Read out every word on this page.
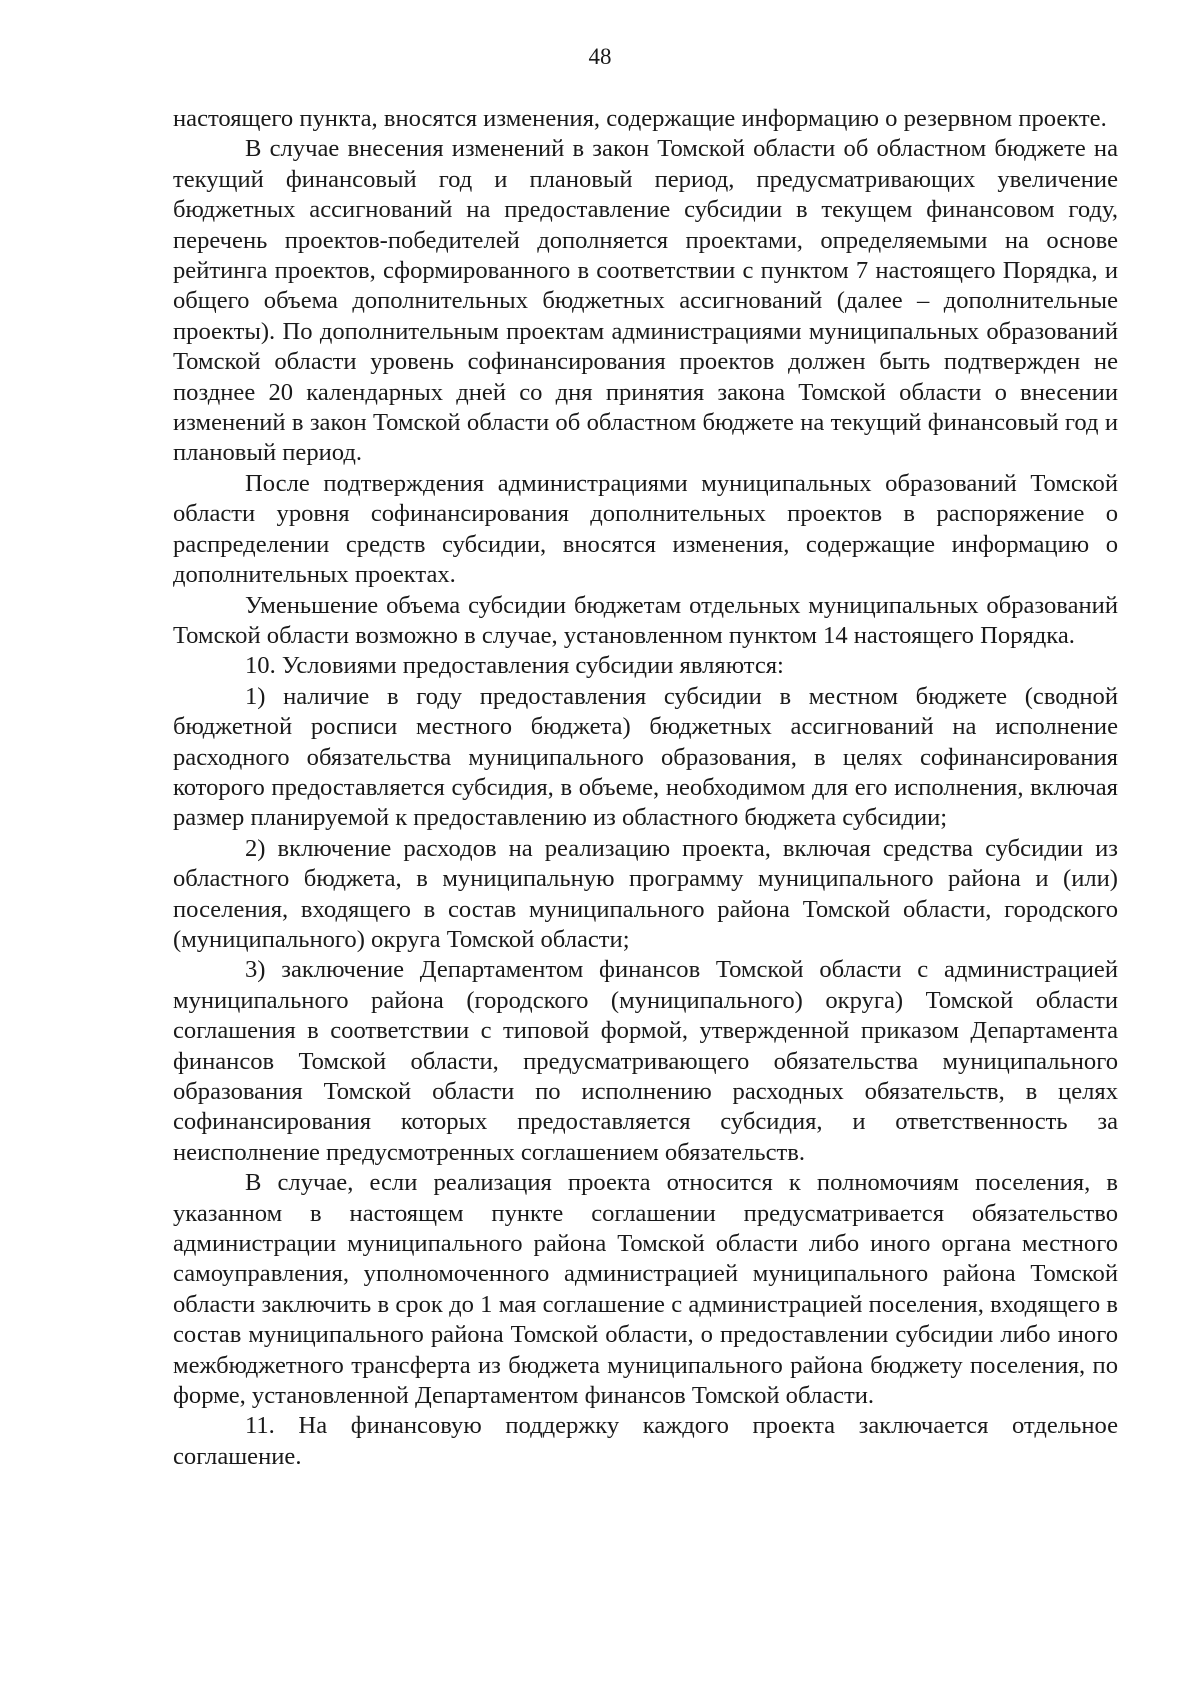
48

настоящего пункта, вносятся изменения, содержащие информацию о резервном проекте.

В случае внесения изменений в закон Томской области об областном бюджете на текущий финансовый год и плановый период, предусматривающих увеличение бюджетных ассигнований на предоставление субсидии в текущем финансовом году, перечень проектов-победителей дополняется проектами, определяемыми на основе рейтинга проектов, сформированного в соответствии с пунктом 7 настоящего Порядка, и общего объема дополнительных бюджетных ассигнований (далее – дополнительные проекты). По дополнительным проектам администрациями муниципальных образований Томской области уровень софинансирования проектов должен быть подтвержден не позднее 20 календарных дней со дня принятия закона Томской области о внесении изменений в закон Томской области об областном бюджете на текущий финансовый год и плановый период.

После подтверждения администрациями муниципальных образований Томской области уровня софинансирования дополнительных проектов в распоряжение о распределении средств субсидии, вносятся изменения, содержащие информацию о дополнительных проектах.

Уменьшение объема субсидии бюджетам отдельных муниципальных образований Томской области возможно в случае, установленном пунктом 14 настоящего Порядка.

10. Условиями предоставления субсидии являются:

1) наличие в году предоставления субсидии в местном бюджете (сводной бюджетной росписи местного бюджета) бюджетных ассигнований на исполнение расходного обязательства муниципального образования, в целях софинансирования которого предоставляется субсидия, в объеме, необходимом для его исполнения, включая размер планируемой к предоставлению из областного бюджета субсидии;

2) включение расходов на реализацию проекта, включая средства субсидии из областного бюджета, в муниципальную программу муниципального района и (или) поселения, входящего в состав муниципального района Томской области, городского (муниципального) округа Томской области;

3) заключение Департаментом финансов Томской области с администрацией муниципального района (городского (муниципального) округа) Томской области соглашения в соответствии с типовой формой, утвержденной приказом Департамента финансов Томской области, предусматривающего обязательства муниципального образования Томской области по исполнению расходных обязательств, в целях софинансирования которых предоставляется субсидия, и ответственность за неисполнение предусмотренных соглашением обязательств.

В случае, если реализация проекта относится к полномочиям поселения, в указанном в настоящем пункте соглашении предусматривается обязательство администрации муниципального района Томской области либо иного органа местного самоуправления, уполномоченного администрацией муниципального района Томской области заключить в срок до 1 мая соглашение с администрацией поселения, входящего в состав муниципального района Томской области, о предоставлении субсидии либо иного межбюджетного трансферта из бюджета муниципального района бюджету поселения, по форме, установленной Департаментом финансов Томской области.

11. На финансовую поддержку каждого проекта заключается отдельное соглашение.
